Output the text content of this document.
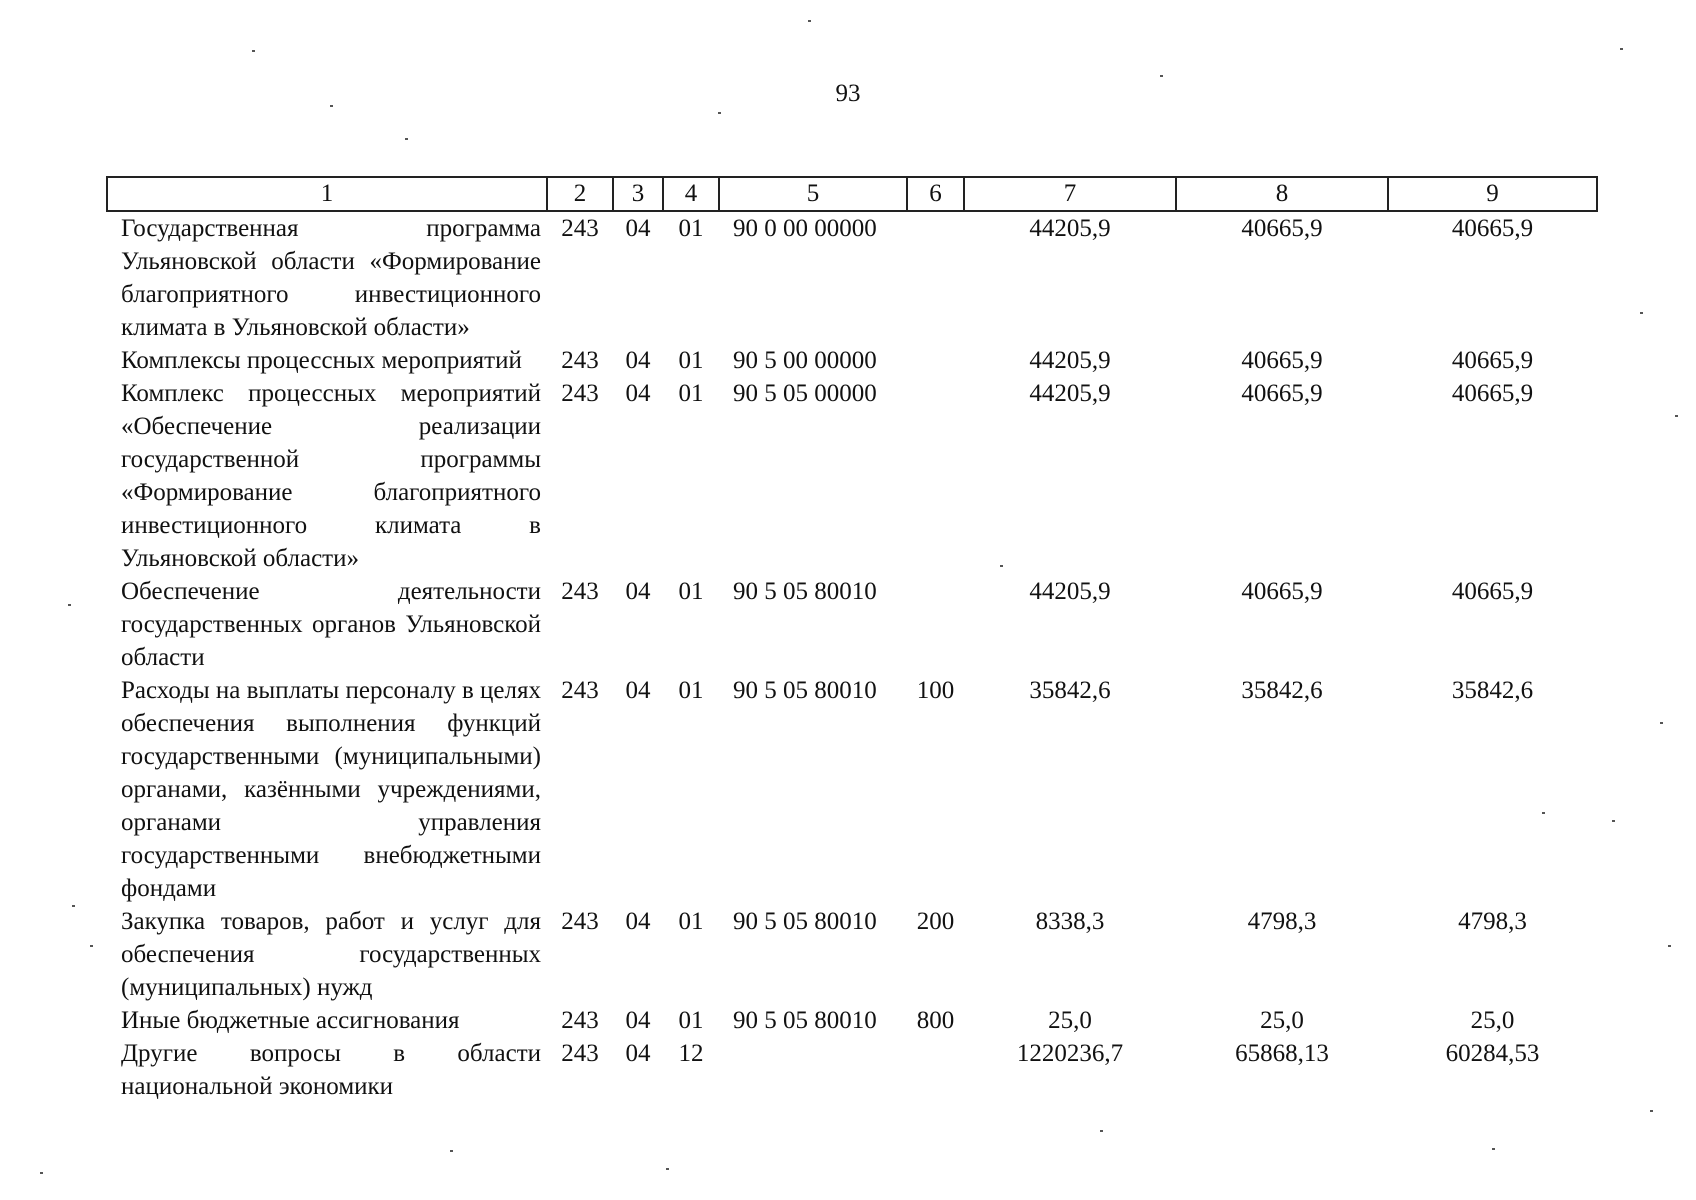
93
1	2	3	4	5	6	7	8	9
Государственная программа Ульяновской области «Формирование благоприятного инвестиционного климата в Ульяновской области»	243	04	01	90 0 00 00000		44205,9	40665,9	40665,9
Комплексы процессных мероприятий	243	04	01	90 5 00 00000		44205,9	40665,9	40665,9
Комплекс процессных мероприятий «Обеспечение реализации государственной программы «Формирование благоприятного инвестиционного климата в Ульяновской области»	243	04	01	90 5 05 00000		44205,9	40665,9	40665,9
Обеспечение деятельности государственных органов Ульяновской области	243	04	01	90 5 05 80010		44205,9	40665,9	40665,9
Расходы на выплаты персоналу в целях обеспечения выполнения функций государственными (муниципальными) органами, казёнными учреждениями, органами управления государственными внебюджетными фондами	243	04	01	90 5 05 80010	100	35842,6	35842,6	35842,6
Закупка товаров, работ и услуг для обеспечения государственных (муниципальных) нужд	243	04	01	90 5 05 80010	200	8338,3	4798,3	4798,3
Иные бюджетные ассигнования	243	04	01	90 5 05 80010	800	25,0	25,0	25,0
Другие вопросы в области национальной экономики	243	04	12			1220236,7	65868,13	60284,53
